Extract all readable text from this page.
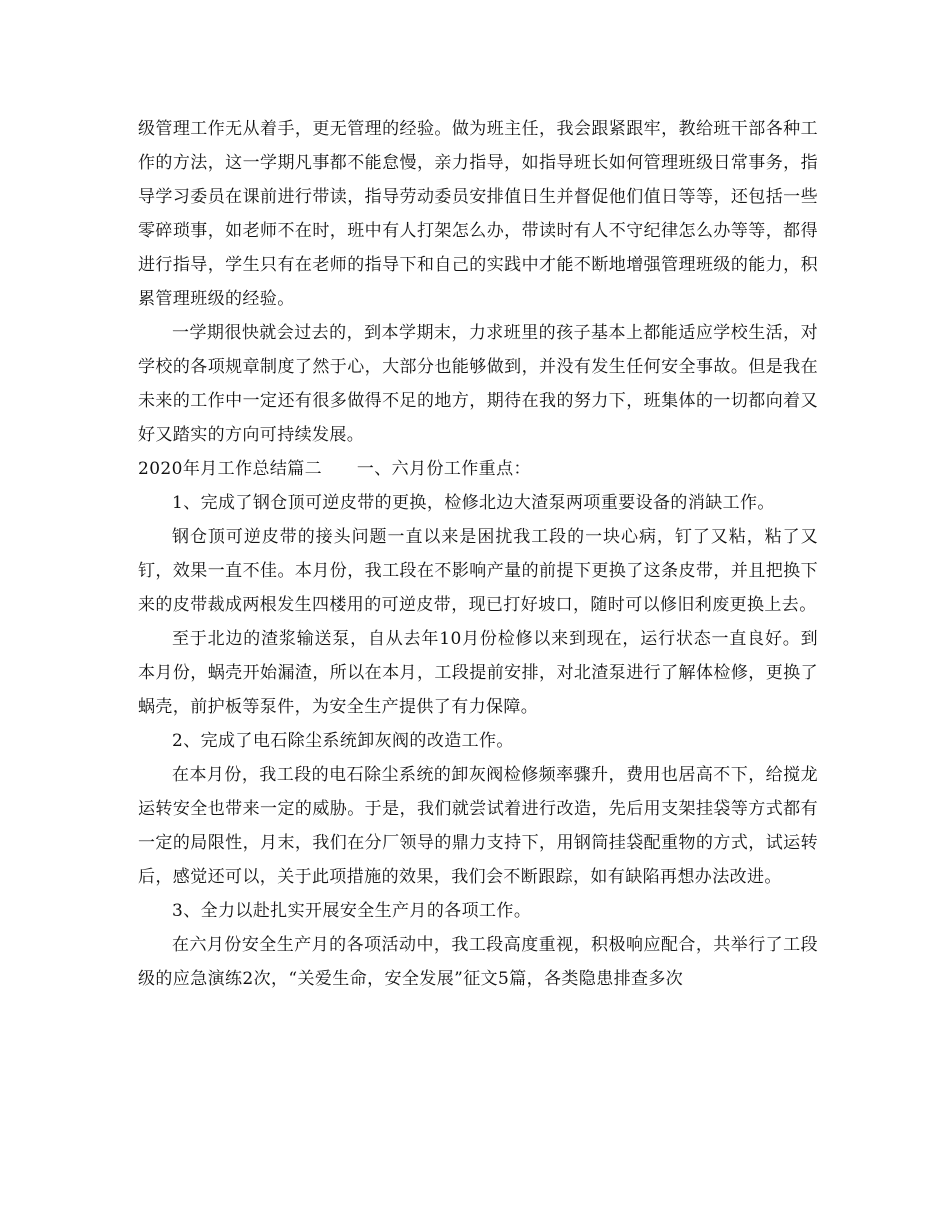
级管理工作无从着手，更无管理的经验。做为班主任，我会跟紧跟牢，教给班干部各种工作的方法，这一学期凡事都不能怠慢，亲力指导，如指导班长如何管理班级日常事务，指导学习委员在课前进行带读，指导劳动委员安排值日生并督促他们值日等等，还包括一些零碎琐事，如老师不在时，班中有人打架怎么办，带读时有人不守纪律怎么办等等，都得进行指导，学生只有在老师的指导下和自己的实践中才能不断地增强管理班级的能力，积累管理班级的经验。

一学期很快就会过去的，到本学期末，力求班里的孩子基本上都能适应学校生活，对学校的各项规章制度了然于心，大部分也能够做到，并没有发生任何安全事故。但是我在未来的工作中一定还有很多做得不足的地方，期待在我的努力下，班集体的一切都向着又好又踏实的方向可持续发展。

2020年月工作总结篇二　　一、六月份工作重点：

1、完成了钢仓顶可逆皮带的更换，检修北边大渣泵两项重要设备的消缺工作。

钢仓顶可逆皮带的接头问题一直以来是困扰我工段的一块心病，钉了又粘，粘了又钉，效果一直不佳。本月份，我工段在不影响产量的前提下更换了这条皮带，并且把换下来的皮带裁成两根发生四楼用的可逆皮带，现已打好坡口，随时可以修旧利废更换上去。

至于北边的渣浆输送泵，自从去年10月份检修以来到现在，运行状态一直良好。到本月份，蜗壳开始漏渣，所以在本月，工段提前安排，对北渣泵进行了解体检修，更换了蜗壳，前护板等泵件，为安全生产提供了有力保障。

2、完成了电石除尘系统卸灰阀的改造工作。

在本月份，我工段的电石除尘系统的卸灰阀检修频率骤升，费用也居高不下，给搅龙运转安全也带来一定的威胁。于是，我们就尝试着进行改造，先后用支架挂袋等方式都有一定的局限性，月末，我们在分厂领导的鼎力支持下，用钢筒挂袋配重物的方式，试运转后，感觉还可以，关于此项措施的效果，我们会不断跟踪，如有缺陷再想办法改进。

3、全力以赴扎实开展安全生产月的各项工作。

在六月份安全生产月的各项活动中，我工段高度重视，积极响应配合，共举行了工段级的应急演练2次，“关爱生命，安全发展”征文5篇，各类隐患排查多次
